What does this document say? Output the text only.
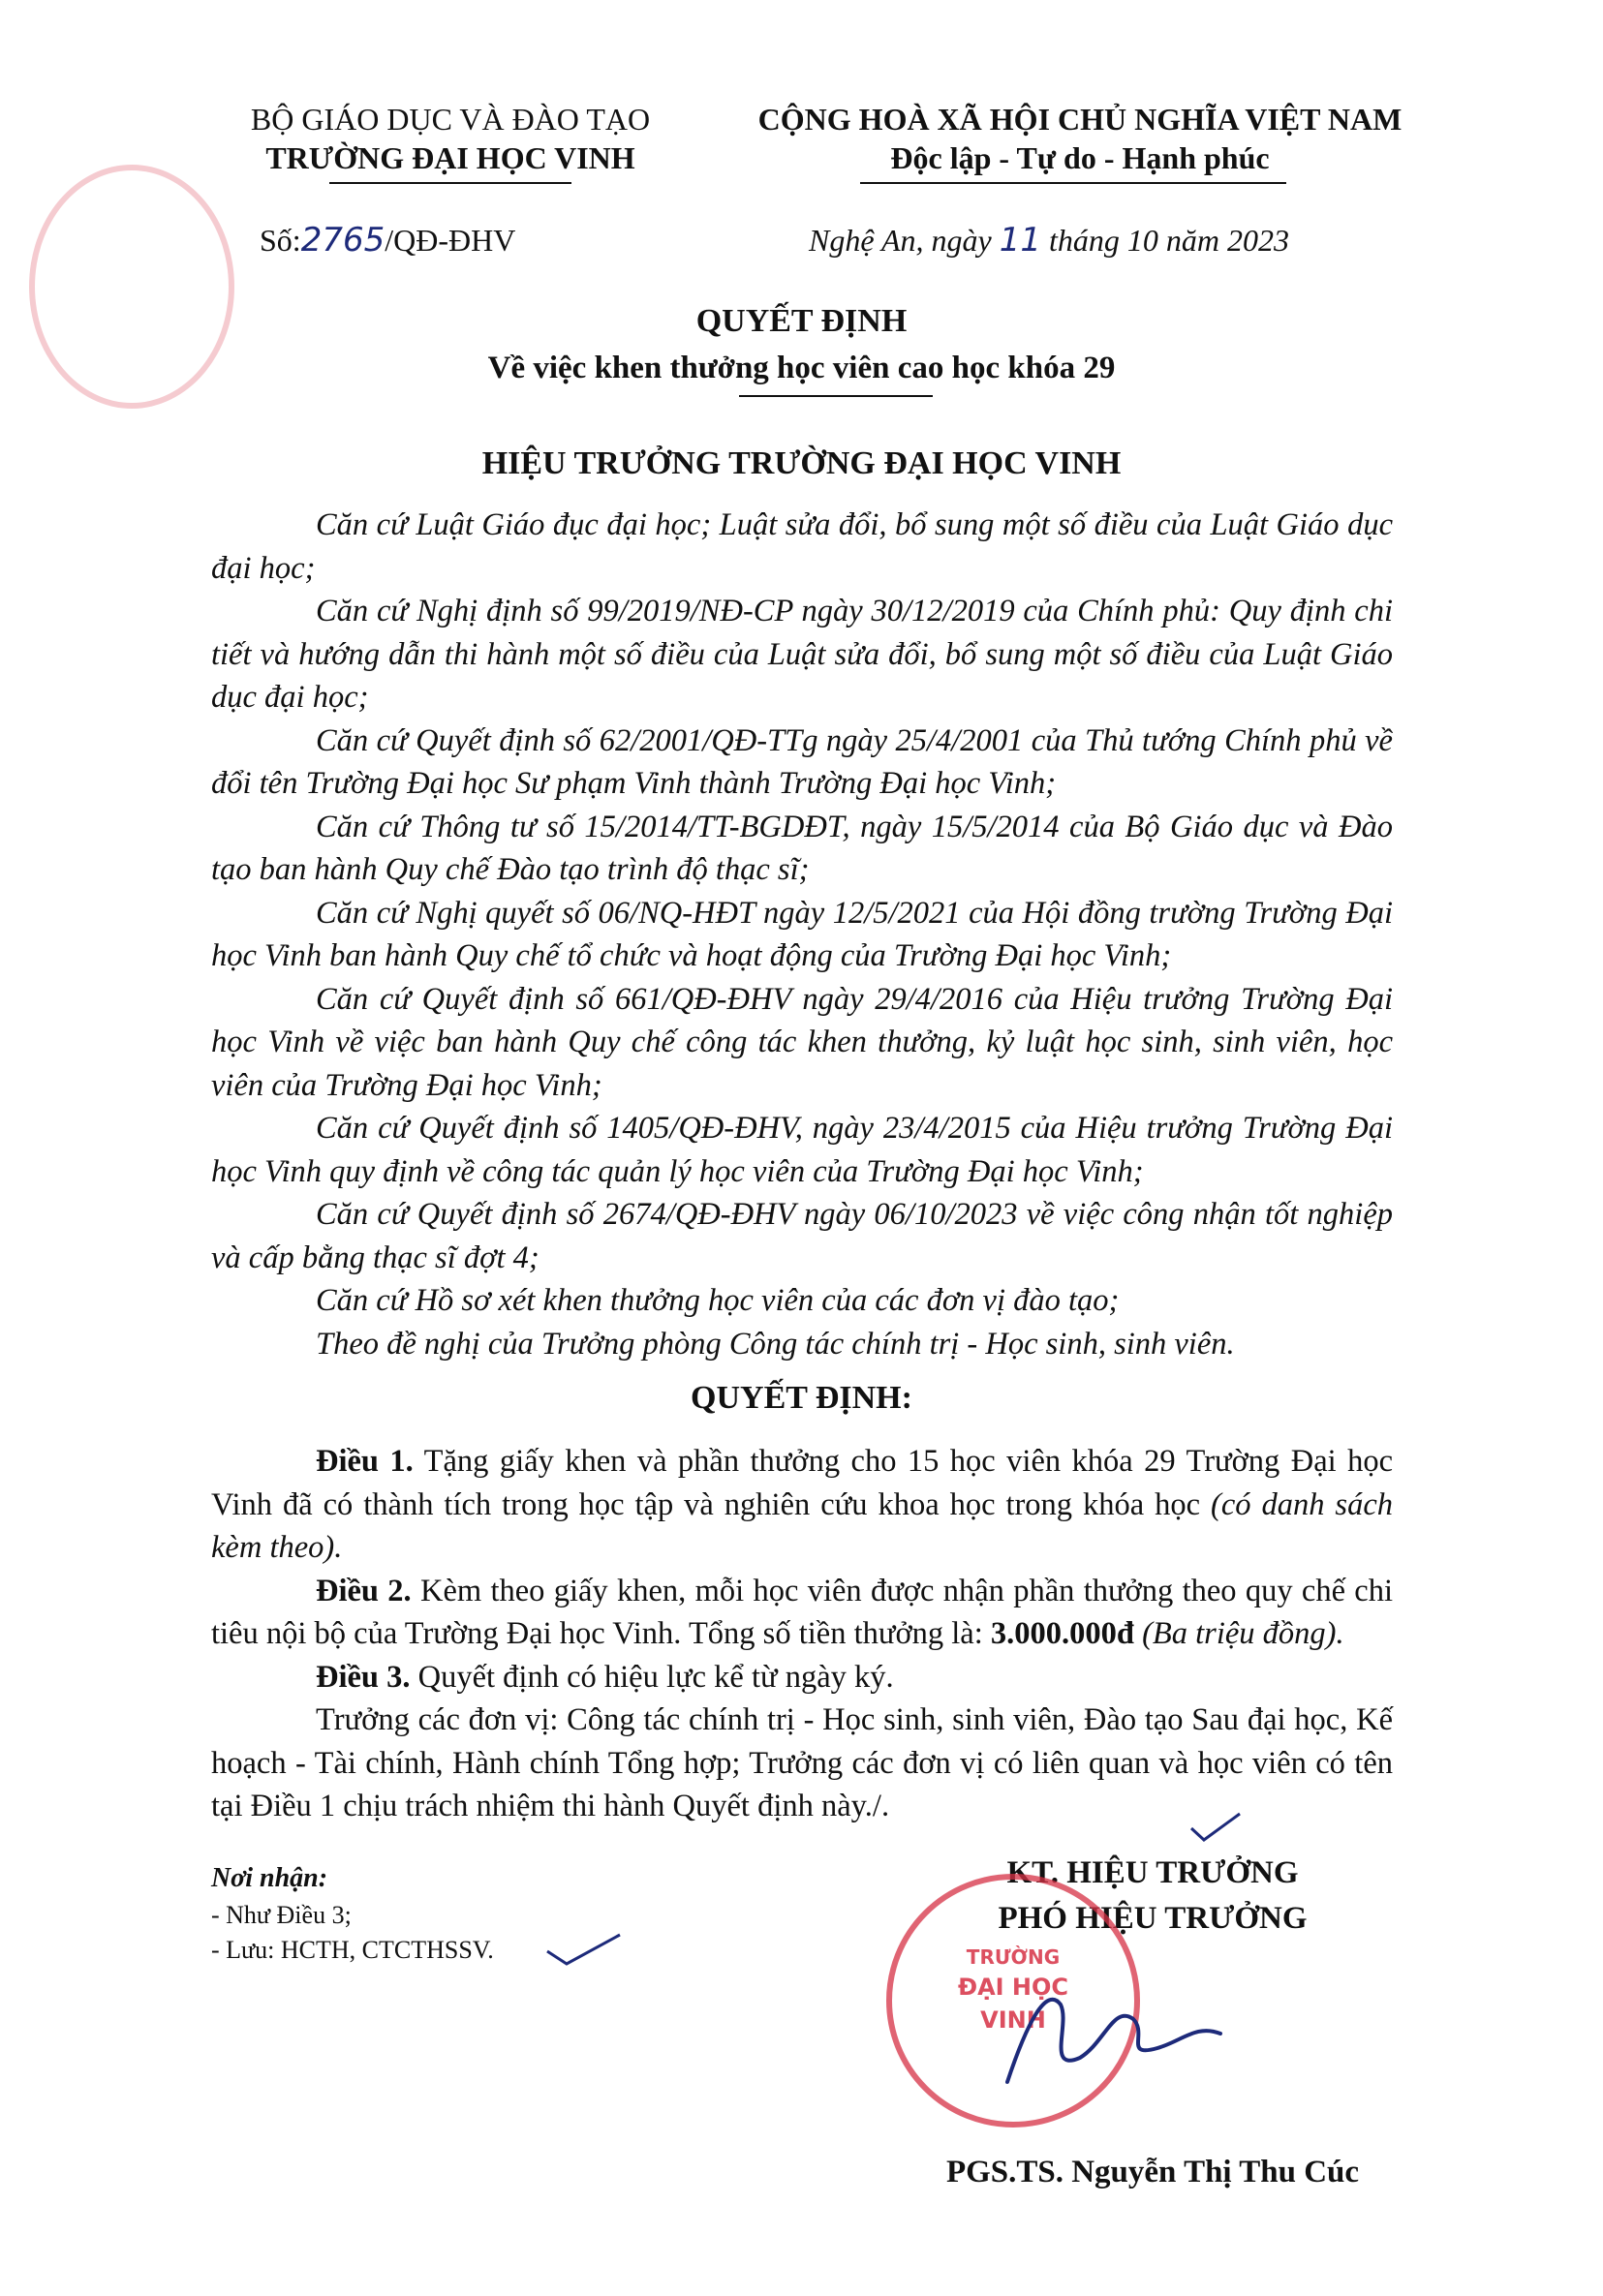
BỘ GIÁO DỤC VÀ ĐÀO TẠO
TRƯỜNG ĐẠI HỌC VINH
CỘNG HOÀ XÃ HỘI CHỦ NGHĨA VIỆT NAM
Độc lập - Tự do - Hạnh phúc
Số:2765/QĐ-ĐHV	Nghệ An, ngày 11 tháng 10 năm 2023
QUYẾT ĐỊNH
Về việc khen thưởng học viên cao học khóa 29
HIỆU TRƯỞNG TRƯỜNG ĐẠI HỌC VINH

Căn cứ Luật Giáo đục đại học; Luật sửa đổi, bổ sung một số điều của Luật Giáo dục đại học;

Căn cứ Nghị định số 99/2019/NĐ-CP ngày 30/12/2019 của Chính phủ: Quy định chi tiết và hướng dẫn thi hành một số điều của Luật sửa đổi, bổ sung một số điều của Luật Giáo dục đại học;

Căn cứ Quyết định số 62/2001/QĐ-TTg ngày 25/4/2001 của Thủ tướng Chính phủ về đổi tên Trường Đại học Sư phạm Vinh thành Trường Đại học Vinh;

Căn cứ Thông tư số 15/2014/TT-BGDĐT, ngày 15/5/2014 của Bộ Giáo dục và Đào tạo ban hành Quy chế Đào tạo trình độ thạc sĩ;

Căn cứ Nghị quyết số 06/NQ-HĐT ngày 12/5/2021 của Hội đồng trường Trường Đại học Vinh ban hành Quy chế tổ chức và hoạt động của Trường Đại học Vinh;

Căn cứ Quyết định số 661/QĐ-ĐHV ngày 29/4/2016 của Hiệu trưởng Trường Đại học Vinh về việc ban hành Quy chế công tác khen thưởng, kỷ luật học sinh, sinh viên, học viên của Trường Đại học Vinh;

Căn cứ Quyết định số 1405/QĐ-ĐHV, ngày 23/4/2015 của Hiệu trưởng Trường Đại học Vinh quy định về công tác quản lý học viên của Trường Đại học Vinh;

Căn cứ Quyết định số 2674/QĐ-ĐHV ngày 06/10/2023 về việc công nhận tốt nghiệp và cấp bằng thạc sĩ đợt 4;

Căn cứ Hồ sơ xét khen thưởng học viên của các đơn vị đào tạo;

Theo đề nghị của Trưởng phòng Công tác chính trị - Học sinh, sinh viên.

QUYẾT ĐỊNH:

Điều 1. Tặng giấy khen và phần thưởng cho 15 học viên khóa 29 Trường Đại học Vinh đã có thành tích trong học tập và nghiên cứu khoa học trong khóa học (có danh sách kèm theo).

Điều 2. Kèm theo giấy khen, mỗi học viên được nhận phần thưởng theo quy chế chi tiêu nội bộ của Trường Đại học Vinh. Tổng số tiền thưởng là: 3.000.000đ (Ba triệu đồng).

Điều 3. Quyết định có hiệu lực kể từ ngày ký.

Trưởng các đơn vị: Công tác chính trị - Học sinh, sinh viên, Đào tạo Sau đại học, Kế hoạch - Tài chính, Hành chính Tổng hợp; Trưởng các đơn vị có liên quan và học viên có tên tại Điều 1 chịu trách nhiệm thi hành Quyết định này./.

Nơi nhận:
- Như Điều 3;
- Lưu: HCTH, CTCTHSSV.
KT. HIỆU TRƯỞNG
PHÓ HIỆU TRƯỞNG
TRƯỜNG
ĐẠI HỌC
VINH
PGS.TS. Nguyễn Thị Thu Cúc
